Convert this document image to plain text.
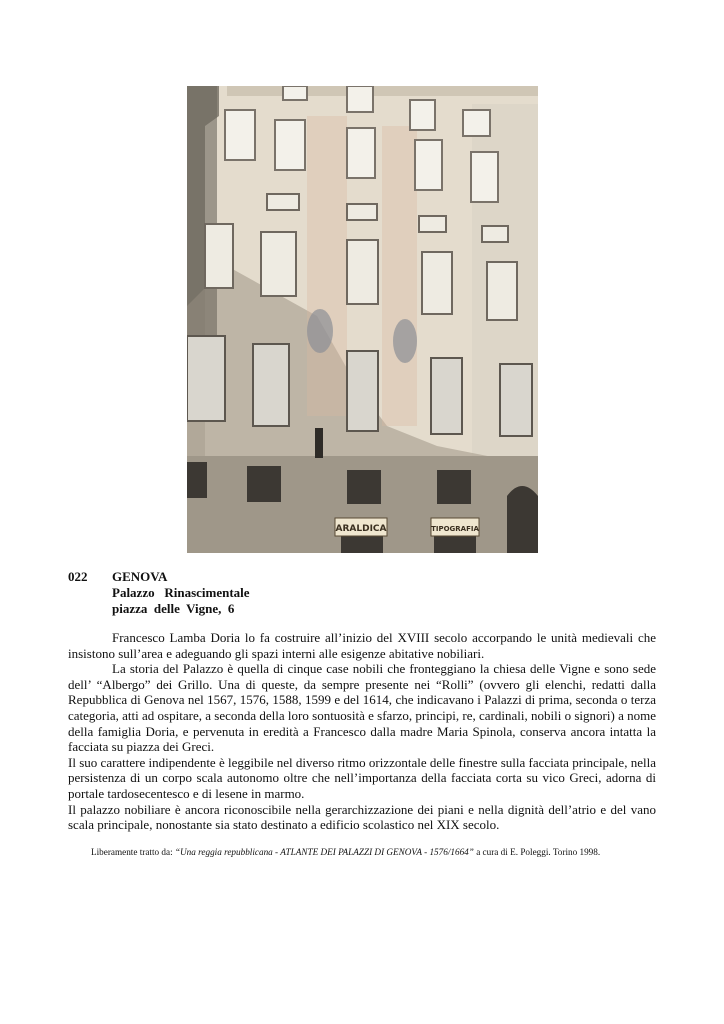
ARALDICA	TIPOGRAFIA
022	GENOVA
Palazzo   Rinascimentale
piazza  delle  Vigne,  6

Francesco Lamba Doria lo fa costruire all’inizio del XVIII secolo accorpando le unità medievali che insistono sull’area e adeguando gli spazi interni alle esigenze abitative nobiliari.

La storia del Palazzo è quella di cinque case nobili che fronteggiano la chiesa delle Vigne e sono sede dell’ “Albergo” dei Grillo. Una di queste, da sempre presente nei “Rolli” (ovvero gli elenchi, redatti dalla Repubblica di Genova nel 1567, 1576, 1588, 1599 e del 1614, che indicavano i Palazzi di prima, seconda o terza categoria, atti ad ospitare, a seconda della loro sontuosità e sfarzo, principi, re, cardinali, nobili o signori) a nome della famiglia Doria, e pervenuta in eredità a Francesco dalla madre Maria Spinola, conserva ancora intatta la facciata su piazza dei Greci.

Il suo carattere indipendente è leggibile nel diverso ritmo orizzontale delle finestre sulla facciata principale, nella persistenza di un corpo scala autonomo oltre che nell’importanza della facciata corta su vico Greci, adorna di portale tardosecentesco e di lesene in marmo.

Il palazzo nobiliare è ancora riconoscibile nella gerarchizzazione dei piani e nella dignità dell’atrio e del vano scala principale, nonostante sia stato destinato a edificio scolastico nel XIX secolo.

Liberamente tratto da: “Una reggia repubblicana - ATLANTE DEI PALAZZI DI GENOVA - 1576/1664” a cura di E. Poleggi. Torino 1998.
